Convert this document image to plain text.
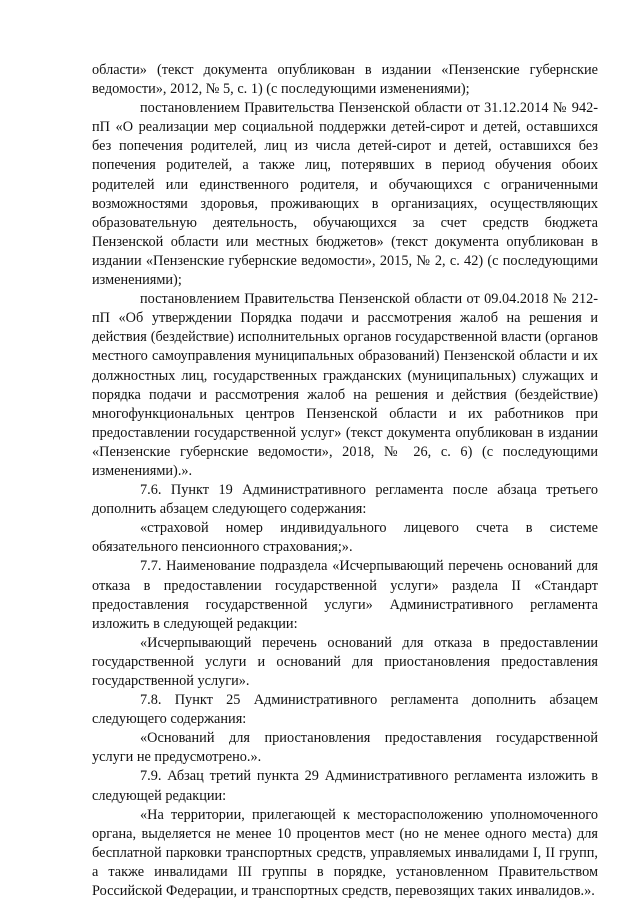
области» (текст документа опубликован в издании «Пензенские губернские ведомости», 2012, № 5, с. 1) (с последующими изменениями);

постановлением Правительства Пензенской области от 31.12.2014 № 942-пП «О реализации мер социальной поддержки детей-сирот и детей, оставшихся без попечения родителей, лиц из числа детей-сирот и детей, оставшихся без попечения родителей, а также лиц, потерявших в период обучения обоих родителей или единственного родителя, и обучающихся с ограниченными возможностями здоровья, проживающих в организациях, осуществляющих образовательную деятельность, обучающихся за счет средств бюджета Пензенской области или местных бюджетов» (текст документа опубликован в издании «Пензенские губернские ведомости», 2015, № 2, с. 42) (с последующими изменениями);

постановлением Правительства Пензенской области от 09.04.2018 № 212-пП «Об утверждении Порядка подачи и рассмотрения жалоб на решения и действия (бездействие) исполнительных органов государственной власти (органов местного самоуправления муниципальных образований) Пензенской области и их должностных лиц, государственных гражданских (муниципальных) служащих и порядка подачи и рассмотрения жалоб на решения и действия (бездействие) многофункциональных центров Пензенской области и их работников при предоставлении государственной услуг» (текст документа опубликован в издании «Пензенские губернские ведомости», 2018, № 26, с. 6) (с последующими изменениями).».

7.6. Пункт 19 Административного регламента после абзаца третьего дополнить абзацем следующего содержания:

«страховой номер индивидуального лицевого счета в системе обязательного пенсионного страхования;».

7.7. Наименование подраздела «Исчерпывающий перечень оснований для отказа в предоставлении государственной услуги» раздела II «Стандарт предоставления государственной услуги» Административного регламента изложить в следующей редакции:

«Исчерпывающий перечень оснований для отказа в предоставлении государственной услуги и оснований для приостановления предоставления государственной услуги».

7.8. Пункт 25 Административного регламента дополнить абзацем следующего содержания:

«Оснований для приостановления предоставления государственной услуги не предусмотрено.».

7.9. Абзац третий пункта 29 Административного регламента изложить в следующей редакции:

«На территории, прилегающей к месторасположению уполномоченного органа, выделяется не менее 10 процентов мест (но не менее одного места) для бесплатной парковки транспортных средств, управляемых инвалидами I, II групп, а также инвалидами III группы в порядке, установленном Правительством Российской Федерации, и транспортных средств, перевозящих таких инвалидов.».
